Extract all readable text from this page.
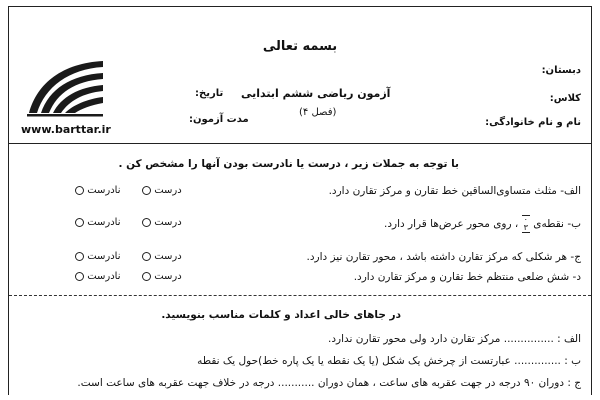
www.barttar.ir
بسمه تعالی
دبستان:
کلاس:
نام و نام خانوادگی:
آزمون ریاضی ششم ابتدایی
(فصل ۴)
تاریخ:
مدت آزمون:
با توجه به جملات زیر ، درست یا نادرست بودن آنها را مشخص کن .
الف- مثلث متساوی‌الساقین خط تقارن و مرکز تقارن دارد.
درست
نادرست
ب- نقطه‌ی ۰
۳ ، روی محور عرض‌ها قرار دارد.
درست
نادرست
ج- هر شکلی که مرکز تقارن داشته باشد ، محور تقارن نیز دارد.
درست
نادرست
د- شش ضلعی منتظم خط تقارن و مرکز تقارن دارد.
درست
نادرست
در جاهای خالی اعداد و کلمات مناسب بنویسید.
الف : ............... مرکز تقارن دارد ولی محور تقارن ندارد.
ب : .............. عبارتست از چرخش یک شکل (یا یک نقطه یا یک پاره خط)حول یک نقطه
ج : دوران ۹۰ درجه در جهت عقربه های ساعت ، همان دوران ........... درجه در خلاف جهت عقربه های ساعت است.
